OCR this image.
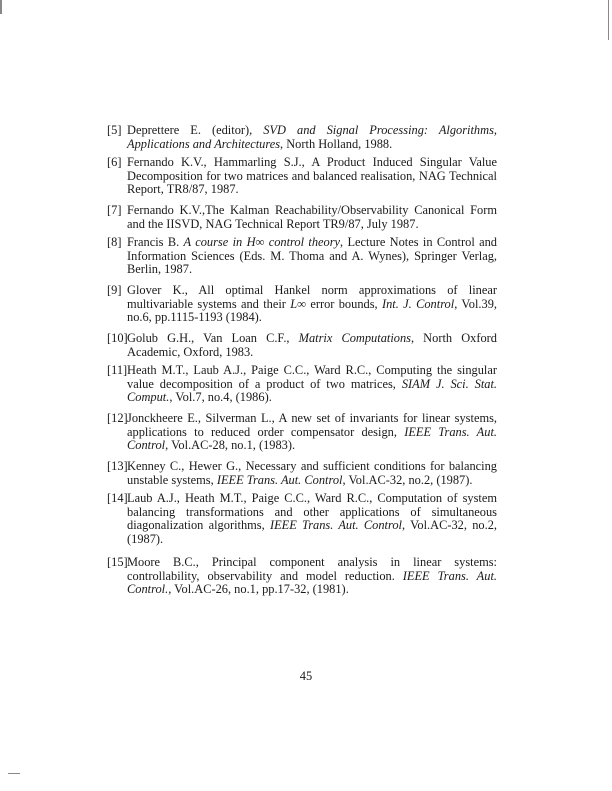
[5] Deprettere E. (editor), SVD and Signal Processing: Algorithms, Applications and Architectures, North Holland, 1988.
[6] Fernando K.V., Hammarling S.J., A Product Induced Singular Value Decomposition for two matrices and balanced realisation, NAG Technical Report, TR8/87, 1987.
[7] Fernando K.V.,The Kalman Reachability/Observability Canonical Form and the IISVD, NAG Technical Report TR9/87, July 1987.
[8] Francis B. A course in H∞ control theory, Lecture Notes in Control and Information Sciences (Eds. M. Thoma and A. Wynes), Springer Verlag, Berlin, 1987.
[9] Glover K., All optimal Hankel norm approximations of linear multivariable systems and their L∞ error bounds, Int. J. Control, Vol.39, no.6, pp.1115-1193 (1984).
[10] Golub G.H., Van Loan C.F., Matrix Computations, North Oxford Academic, Oxford, 1983.
[11] Heath M.T., Laub A.J., Paige C.C., Ward R.C., Computing the singular value decomposition of a product of two matrices, SIAM J. Sci. Stat. Comput., Vol.7, no.4, (1986).
[12] Jonckheere E., Silverman L., A new set of invariants for linear systems, applications to reduced order compensator design, IEEE Trans. Aut. Control, Vol.AC-28, no.1, (1983).
[13] Kenney C., Hewer G., Necessary and sufficient conditions for balancing unstable systems, IEEE Trans. Aut. Control, Vol.AC-32, no.2, (1987).
[14] Laub A.J., Heath M.T., Paige C.C., Ward R.C., Computation of system balancing transformations and other applications of simultaneous diagonalization algorithms, IEEE Trans. Aut. Control, Vol.AC-32, no.2, (1987).
[15] Moore B.C., Principal component analysis in linear systems: controllability, observability and model reduction. IEEE Trans. Aut. Control., Vol.AC-26, no.1, pp.17-32, (1981).
45
